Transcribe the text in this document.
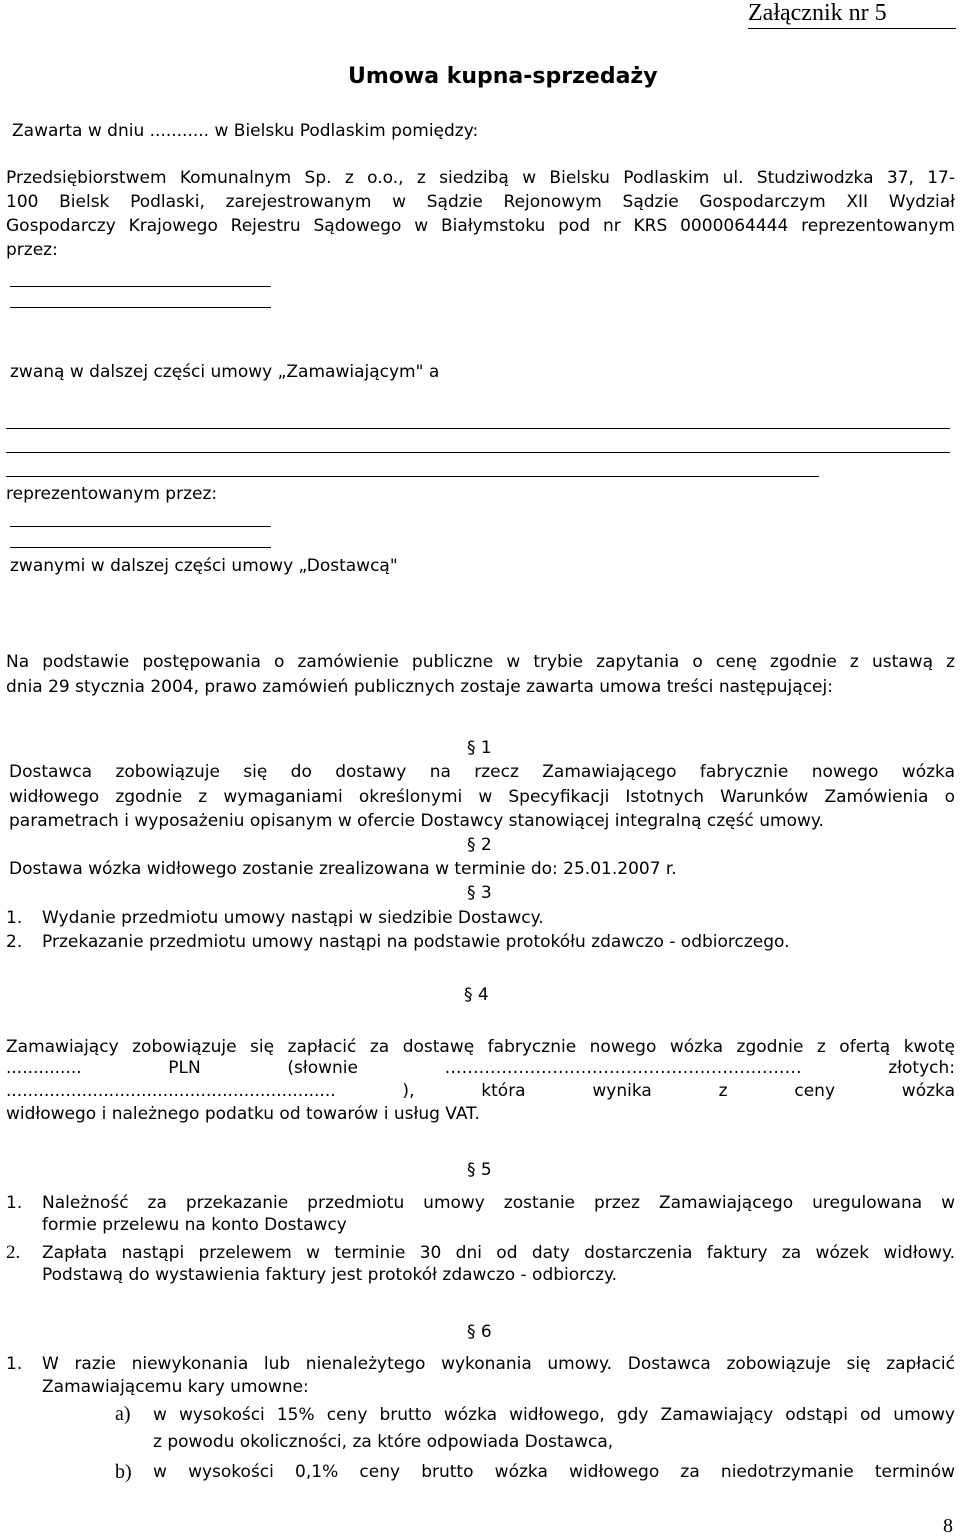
Załącznik nr 5
Umowa kupna-sprzedaży
Zawarta w dniu ........... w Bielsku Podlaskim pomiędzy:
Przedsiębiorstwem Komunalnym Sp. z o.o., z siedzibą w Bielsku Podlaskim ul. Studziwodzka 37, 17-
100 Bielsk Podlaski, zarejestrowanym w Sądzie Rejonowym Sądzie Gospodarczym XII Wydział
Gospodarczy Krajowego Rejestru Sądowego w Białymstoku pod nr KRS 0000064444 reprezentowanym
przez:
zwaną w dalszej części umowy „Zamawiającym" a
reprezentowanym przez:
zwanymi w dalszej części umowy „Dostawcą"
Na podstawie postępowania o zamówienie publiczne w trybie zapytania o cenę zgodnie z ustawą z
dnia 29 stycznia 2004, prawo zamówień publicznych zostaje zawarta umowa treści następującej:
§ 1
Dostawca zobowiązuje się do dostawy na rzecz Zamawiającego fabrycznie nowego wózka
widłowego zgodnie z wymaganiami określonymi w Specyfikacji Istotnych Warunków Zamówienia o
parametrach i wyposażeniu opisanym w ofercie Dostawcy stanowiącej integralną część umowy.
§ 2
Dostawa wózka widłowego zostanie zrealizowana w terminie do: 25.01.2007 r.
§ 3
1. Wydanie przedmiotu umowy nastąpi w siedzibie Dostawcy.
2. Przekazanie przedmiotu umowy nastąpi na podstawie protokółu zdawczo - odbiorczego.
§ 4
Zamawiający zobowiązuje się zapłacić za dostawę fabrycznie nowego wózka zgodnie z ofertą kwotę
.............. PLN (słownie ……………………………………………………… złotych:
............................................................. ), która wynika z ceny wózka
widłowego i należnego podatku od towarów i usług VAT.
§ 5
1. Należność za przekazanie przedmiotu umowy zostanie przez Zamawiającego uregulowana w
formie przelewu na konto Dostawcy
2. Zapłata nastąpi przelewem w terminie 30 dni od daty dostarczenia faktury za wózek widłowy.
Podstawą do wystawienia faktury jest protokół zdawczo - odbiorczy.
§ 6
1. W razie niewykonania lub nienależytego wykonania umowy. Dostawca zobowiązuje się zapłacić
Zamawiającemu kary umowne:
a) w wysokości 15% ceny brutto wózka widłowego, gdy Zamawiający odstąpi od umowy
z powodu okoliczności, za które odpowiada Dostawca,
b) w wysokości 0,1% ceny brutto wózka widłowego za niedotrzymanie terminów
8
